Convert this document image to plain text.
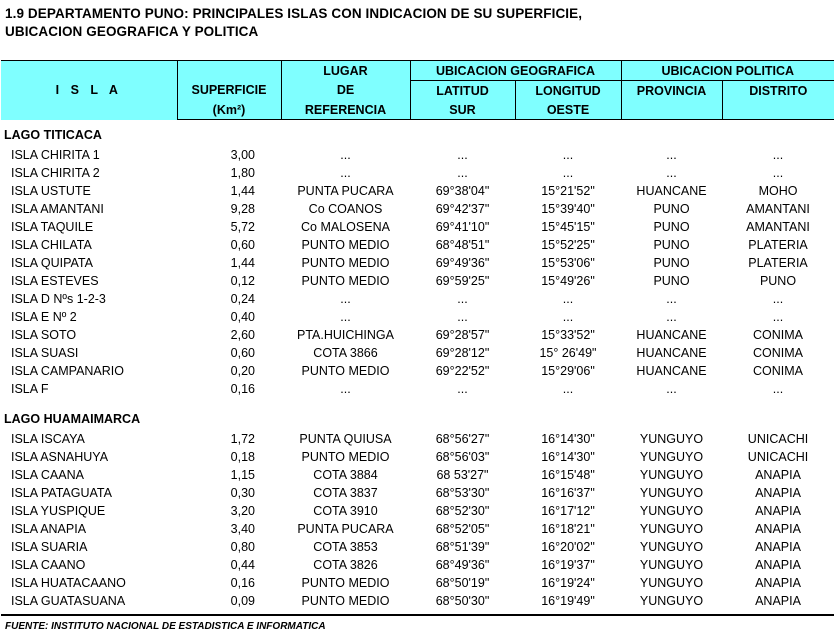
1.9 DEPARTAMENTO PUNO: PRINCIPALES ISLAS CON INDICACION DE SU SUPERFICIE,
UBICACION GEOGRAFICA Y POLITICA
I S L A		LUGAR	UBICACION GEOGRAFICA		UBICACION POLITICA	
	SUPERFICIE	DE	LATITUD	LONGITUD	PROVINCIA	DISTRITO
	(Km²)	REFERENCIA	SUR	OESTE		
LAGO TITICACA						
ISLA CHIRITA 1	3,00	...	...	...	...	...
ISLA CHIRITA 2	1,80	...	...	...	...	...
ISLA USTUTE	1,44	PUNTA PUCARA	69°38'04"	15°21'52"	HUANCANE	MOHO
ISLA AMANTANI	9,28	Co COANOS	69°42'37"	15°39'40"	PUNO	AMANTANI
ISLA TAQUILE	5,72	Co MALOSENA	69°41'10"	15°45'15"	PUNO	AMANTANI
ISLA CHILATA	0,60	PUNTO MEDIO	68°48'51"	15°52'25"	PUNO	PLATERIA
ISLA QUIPATA	1,44	PUNTO MEDIO	69°49'36"	15°53'06"	PUNO	PLATERIA
ISLA ESTEVES	0,12	PUNTO MEDIO	69°59'25"	15°49'26"	PUNO	PUNO
ISLA D Nºs 1-2-3	0,24	...	...	...	...	...
ISLA E Nº 2	0,40	...	...	...	...	...
ISLA SOTO	2,60	PTA.HUICHINGA	69°28'57"	15°33'52"	HUANCANE	CONIMA
ISLA SUASI	0,60	COTA 3866	69°28'12"	15° 26'49"	HUANCANE	CONIMA
ISLA CAMPANARIO	0,20	PUNTO MEDIO	69°22'52"	15°29'06"	HUANCANE	CONIMA
ISLA F	0,16	...	...	...	...	...

LAGO HUAMAIMARCA						
ISLA ISCAYA	1,72	PUNTA QUIUSA	68°56'27"	16°14'30"	YUNGUYO	UNICACHI
ISLA ASNAHUYA	0,18	PUNTO MEDIO	68°56'03"	16°14'30"	YUNGUYO	UNICACHI
ISLA CAANA	1,15	COTA 3884	68 53'27"	16°15'48"	YUNGUYO	ANAPIA
ISLA PATAGUATA	0,30	COTA 3837	68°53'30"	16°16'37"	YUNGUYO	ANAPIA
ISLA YUSPIQUE	3,20	COTA 3910	68°52'30"	16°17'12"	YUNGUYO	ANAPIA
ISLA ANAPIA	3,40	PUNTA PUCARA	68°52'05"	16°18'21"	YUNGUYO	ANAPIA
ISLA SUARIA	0,80	COTA 3853	68°51'39"	16°20'02"	YUNGUYO	ANAPIA
ISLA CAANO	0,44	COTA 3826	68°49'36"	16°19'37"	YUNGUYO	ANAPIA
ISLA HUATACAANO	0,16	PUNTO MEDIO	68°50'19"	16°19'24"	YUNGUYO	ANAPIA
ISLA GUATASUANA	0,09	PUNTO MEDIO	68°50'30"	16°19'49"	YUNGUYO	ANAPIA
FUENTE: INSTITUTO NACIONAL DE ESTADISTICA E INFORMATICA
